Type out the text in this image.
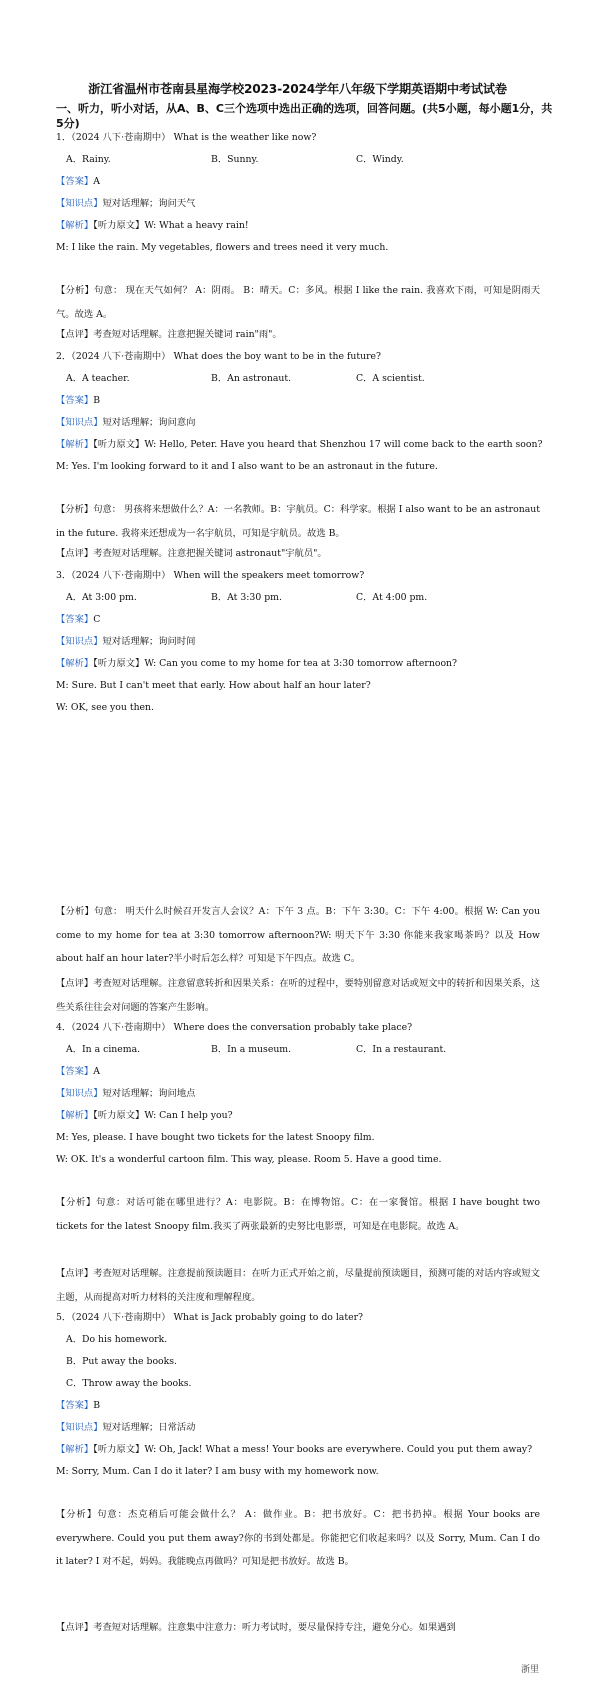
浙江省温州市苍南县星海学校2023-2024学年八年级下学期英语期中考试试卷
一、听力，听小对话，从A、B、C三个选项中选出正确的选项，回答问题。(共5小题，每小题1分，共5分)
1．（2024 八下·苍南期中） What is the weather like now?
A．Rainy.	B．Sunny.	C．Windy.
【答案】A
【知识点】短对话理解；询问天气
【解析】【听力原文】W: What a heavy rain!
M: I like the rain. My vegetables, flowers and trees need it very much.
【分析】句意： 现在天气如何？ A：阴雨。 B：晴天。C：多风。根据 I like the rain. 我喜欢下雨，可知是阴雨天气。故选 A。
【点评】考查短对话理解。注意把握关键词 rain"雨"。
2．（2024 八下·苍南期中） What does the boy want to be in the future?
A．A teacher.	B．An astronaut.	C．A scientist.
【答案】B
【知识点】短对话理解；询问意向
【解析】【听力原文】W: Hello, Peter. Have you heard that Shenzhou 17 will come back to the earth soon?
M: Yes. I'm looking forward to it and I also want to be an astronaut in the future.
【分析】句意： 男孩将来想做什么？A：一名教师。B：宇航员。C：科学家。根据 I also want to be an astronaut in the future. 我将来还想成为一名宇航员，可知是宇航员。故选 B。
【点评】考查短对话理解。注意把握关键词 astronaut"宇航员"。
3．（2024 八下·苍南期中） When will the speakers meet tomorrow?
A．At 3:00 pm.	B．At 3:30 pm.	C．At 4:00 pm.
【答案】C
【知识点】短对话理解；询问时间
【解析】【听力原文】W: Can you come to my home for tea at 3:30 tomorrow afternoon?
M: Sure. But I can't meet that early. How about half an hour later?
W: OK, see you then.
【分析】句意： 明天什么时候召开发言人会议？A：下午 3 点。B：下午 3:30。C：下午 4:00。根据 W: Can you come to my home for tea at 3:30 tomorrow afternoon?W: 明天下午 3:30 你能来我家喝茶吗？以及 How about half an hour later?半小时后怎么样？可知是下午四点。故选 C。
【点评】考查短对话理解。注意留意转折和因果关系：在听的过程中，要特别留意对话或短文中的转折和因果关系，这些关系往往会对问题的答案产生影响。
4．（2024 八下·苍南期中） Where does the conversation probably take place?
A．In a cinema.	B．In a museum.	C．In a restaurant.
【答案】A
【知识点】短对话理解；询问地点
【解析】【听力原文】W: Can I help you?
M: Yes, please. I have bought two tickets for the latest Snoopy film.
W: OK. It's a wonderful cartoon film. This way, please. Room 5. Have a good time.
【分析】句意：对话可能在哪里进行？A：电影院。B：在博物馆。C：在一家餐馆。根据 I have bought two tickets for the latest Snoopy film.我买了两张最新的史努比电影票，可知是在电影院。故选 A。
【点评】考查短对话理解。注意提前预读题目：在听力正式开始之前，尽量提前预读题目，预测可能的对话内容或短文主题，从而提高对听力材料的关注度和理解程度。
5．（2024 八下·苍南期中） What is Jack probably going to do later?
A．Do his homework.
B．Put away the books.
C．Throw away the books.
【答案】B
【知识点】短对话理解；日常活动
【解析】【听力原文】W: Oh, Jack! What a mess! Your books are everywhere. Could you put them away?
M: Sorry, Mum. Can I do it later? I am busy with my homework now.
【分析】句意：杰克稍后可能会做什么？ A：做作业。B：把书放好。C：把书扔掉。根据 Your books are everywhere. Could you put them away?你的书到处都是。你能把它们收起来吗？以及 Sorry, Mum. Can I do it later? I 对不起，妈妈。我能晚点再做吗？可知是把书放好。故选 B。
【点评】考查短对话理解。注意集中注意力：听力考试时，要尽量保持专注，避免分心。如果遇到
浙里
